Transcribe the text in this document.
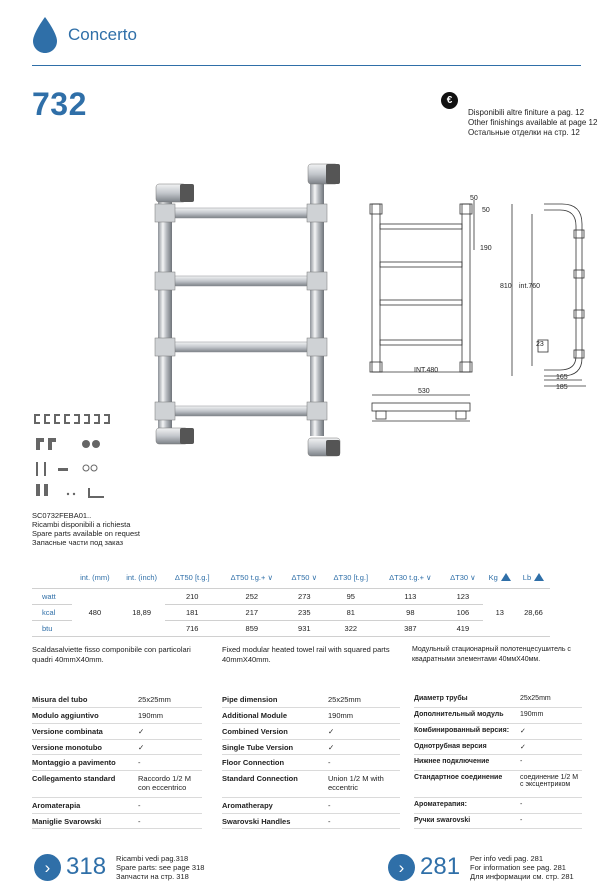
Concerto
732	€
Disponibili altre finiture a pag. 12
Other finishings available at page 12
Остальные отделки на стр. 12
50
50
190
INT.480
810 int.760
23
165
185
530
SC0732FEBA01..
Ricambi disponibili a richiesta
Spare parts available on request
Запасные части под заказ
	int. (mm)	int. (inch)	ΔT50 [t.g.]	ΔT50 t.g.+ ∨	ΔT50 ∨	ΔT30 [t.g.]	ΔT30 t.g.+ ∨	ΔT30 ∨	Kg	Lb
watt	480	18,89	210	252	273	95	113	123	13	28,66
kcal			181	217	235	81	98	106		
btu			716	859	931	322	387	419		
Scaldasalviette fisso componibile con particolari
quadri 40mmX40mm.
Fixed modular heated towel rail with squared parts
40mmX40mm.
Модульный стационарный полотенцесушитель с
квадратными элементами 40ммX40мм.
Misura del tubo	25x25mm
Modulo aggiuntivo	190mm
Versione combinata	✓
Versione monotubo	✓
Montaggio a pavimento	-
Collegamento standard	Raccordo 1/2 M
con eccentrico

Aromaterapia	-
Maniglie Svarowski	-
Pipe dimension	25x25mm
Additional Module	190mm
Combined Version	✓
Single Tube Version	✓
Floor Connection	-
Standard Connection	Union 1/2 M with
eccentric

Aromatherapy	-
Swarovski Handles	-
Диаметр трубы	25x25mm
Дополнительный модуль	190mm
Комбинированный версия:	✓
Однотрубная версия	✓
Нижнее подключение	-
Стандартное соединение	соединение 1/2 M
с эксцентриком

Ароматерапия:	-
Ручки swarovski	-
› 318 Ricambi vedi pag.318
Spare parts: see page 318
Запчасти на стр. 318	› 281 Per info vedi pag. 281
For information see pag. 281
Для информации см. стр. 281
